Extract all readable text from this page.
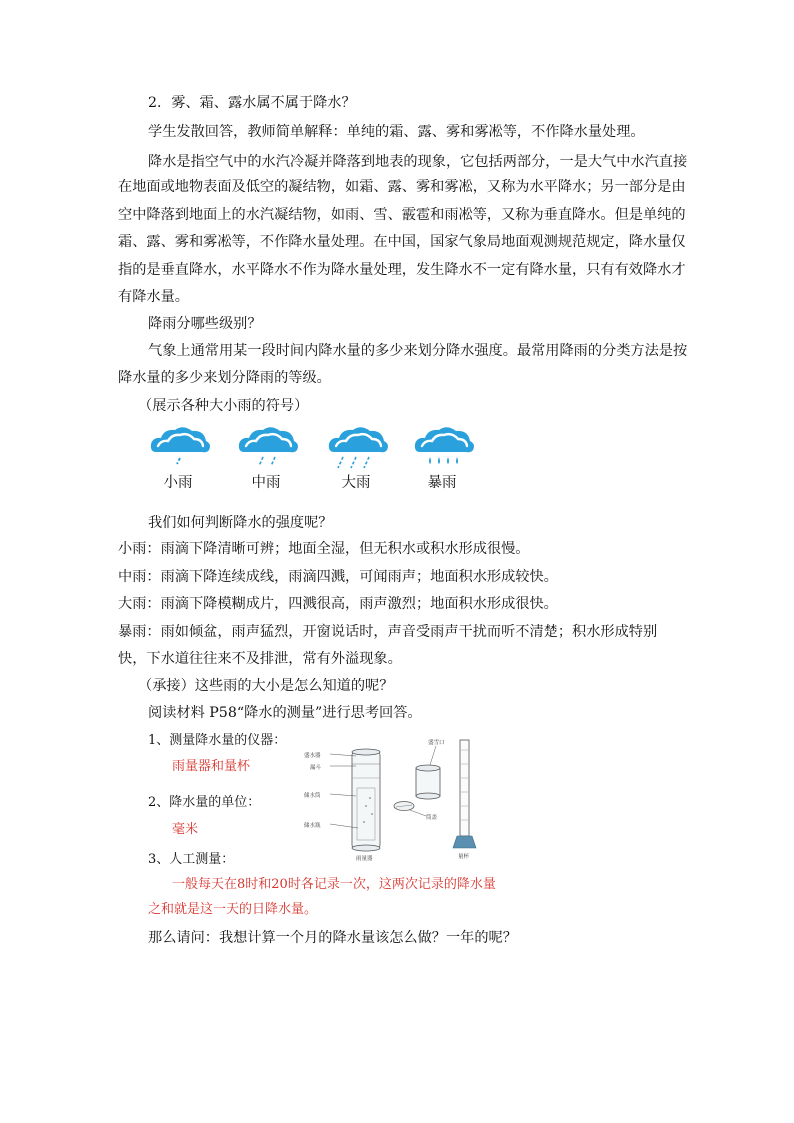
2．雾、霜、露水属不属于降水？
学生发散回答，教师简单解释：单纯的霜、露、雾和雾凇等，不作降水量处理。
降水是指空气中的水汽冷凝并降落到地表的现象，它包括两部分，一是大气中水汽直接
在地面或地物表面及低空的凝结物，如霜、露、雾和雾凇，又称为水平降水；另一部分是由
空中降落到地面上的水汽凝结物，如雨、雪、霰雹和雨凇等，又称为垂直降水。但是单纯的
霜、露、雾和雾凇等，不作降水量处理。在中国，国家气象局地面观测规范规定，降水量仅
指的是垂直降水，水平降水不作为降水量处理，发生降水不一定有降水量，只有有效降水才
有降水量。
降雨分哪些级别？
气象上通常用某一段时间内降水量的多少来划分降水强度。最常用降雨的分类方法是按
降水量的多少来划分降雨的等级。
（展示各种大小雨的符号）
小雨	中雨	大雨	暴雨
我们如何判断降水的强度呢？
小雨：雨滴下降清晰可辨；地面全湿，但无积水或积水形成很慢。
中雨：雨滴下降连续成线，雨滴四溅，可闻雨声；地面积水形成较快。
大雨：雨滴下降模糊成片，四溅很高，雨声激烈；地面积水形成很快。
暴雨：雨如倾盆，雨声猛烈，开窗说话时，声音受雨声干扰而听不清楚；积水形成特别
快，下水道往往来不及排泄，常有外溢现象。
（承接）这些雨的大小是怎么知道的呢？
阅读材料 P58“降水的测量”进行思考回答。
1、测量降水量的仪器：
雨量器和量杯
2、降水量的单位：
毫米
3、人工测量：
一般每天在8时和20时各记录一次，这两次记录的降水量
之和就是这一天的日降水量。
那么请问：我想计算一个月的降水量该怎么做？一年的呢？
盛水器
漏斗
储水筒
储水瓶
雨量器
盛雪口
筒盖
量杯
